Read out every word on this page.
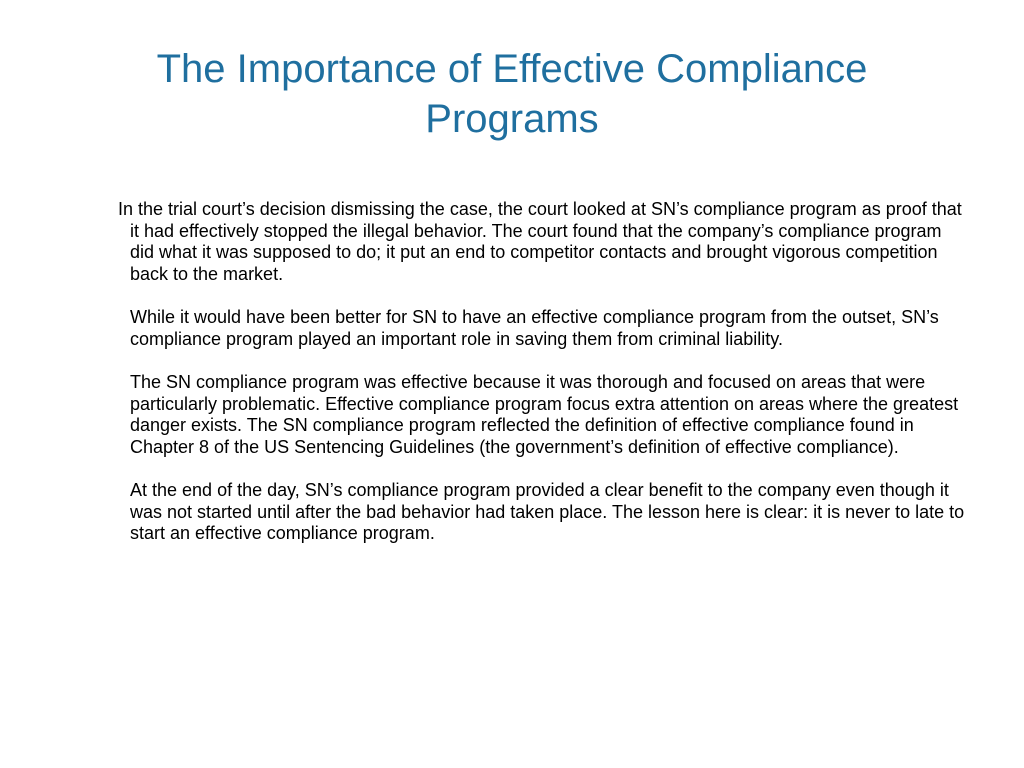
The Importance of Effective Compliance
Programs

In the trial court’s decision dismissing the case, the court looked at SN’s compliance program as proof that it had effectively stopped the illegal behavior. The court found that the company’s compliance program did what it was supposed to do; it put an end to competitor contacts and brought vigorous competition back to the market.

While it would have been better for SN to have an effective compliance program from the outset, SN’s compliance program played an important role in saving them from criminal liability.

The SN compliance program was effective because it was thorough and focused on areas that were particularly problematic. Effective compliance program focus extra attention on areas where the greatest danger exists. The SN compliance program reflected the definition of effective compliance found in Chapter 8 of the US Sentencing Guidelines (the government’s definition of effective compliance).

At the end of the day, SN’s compliance program provided a clear benefit to the company even though it was not started until after the bad behavior had taken place. The lesson here is clear: it is never to late to start an effective compliance program.
